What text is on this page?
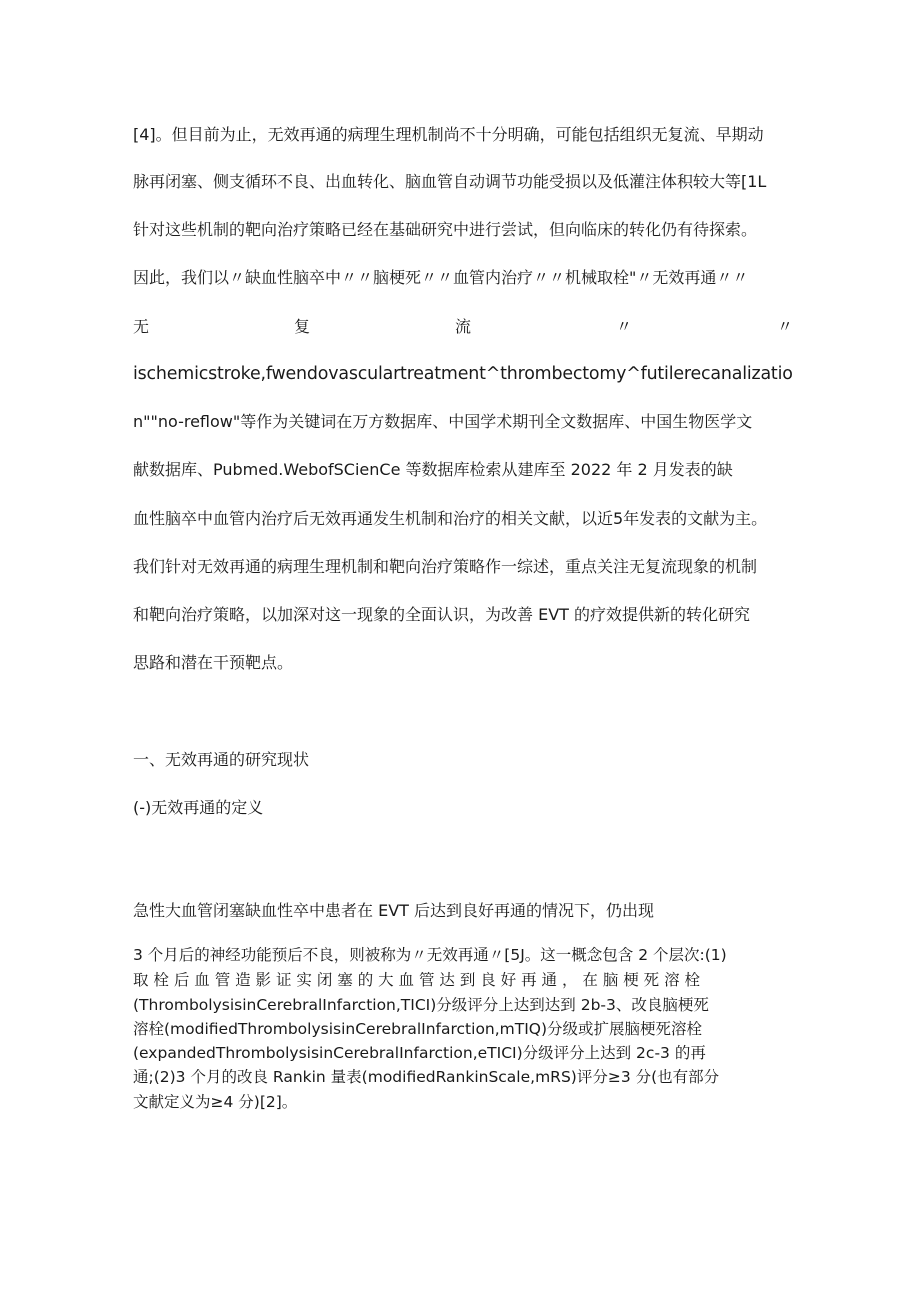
[4]。但目前为止，无效再通的病理生理机制尚不十分明确，可能包括组织无复流、早期动
脉再闭塞、侧支循环不良、出血转化、脑血管自动调节功能受损以及低灌注体积较大等[1L
针对这些机制的靶向治疗策略已经在基础研究中进行尝试，但向临床的转化仍有待探索。
因此，我们以〃缺血性脑卒中〃〃脑梗死〃〃血管内治疗〃〃机械取栓"〃无效再通〃〃
无	复	流	〃	〃
ischemicstroke,fwendovasculartreatment^thrombectomy^futilerecanalizatio
n""no-reflow"等作为关键词在万方数据库、中国学术期刊全文数据库、中国生物医学文
献数据库、Pubmed.WebofSCienCe 等数据库检索从建库至 2022 年 2 月发表的缺
血性脑卒中血管内治疗后无效再通发生机制和治疗的相关文献，以近5年发表的文献为主。
我们针对无效再通的病理生理机制和靶向治疗策略作一综述，重点关注无复流现象的机制
和靶向治疗策略，以加深对这一现象的全面认识，为改善 EVT 的疗效提供新的转化研究
思路和潜在干预靶点。
一、无效再通的研究现状
(-)无效再通的定义
急性大血管闭塞缺血性卒中患者在 EVT 后达到良好再通的情况下，仍出现
3 个月后的神经功能预后不良，则被称为〃无效再通〃[5J。这一概念包含 2 个层次:(1)
取 栓 后 血 管 造 影 证 实 闭 塞 的 大 血 管 达 到 良 好 再 通 ， 在 脑 梗 死 溶 栓
(ThrombolysisinCerebralInfarction,TICI)分级评分上达到达到 2b-3、改良脑梗死
溶栓(modifiedThrombolysisinCerebralInfarction,mTIQ)分级或扩展脑梗死溶栓
(expandedThrombolysisinCerebralInfarction,eTICI)分级评分上达到 2c-3 的再
通;(2)3 个月的改良 Rankin 量表(modifiedRankinScale,mRS)评分≥3 分(也有部分
文献定义为≥4 分)[2]。
